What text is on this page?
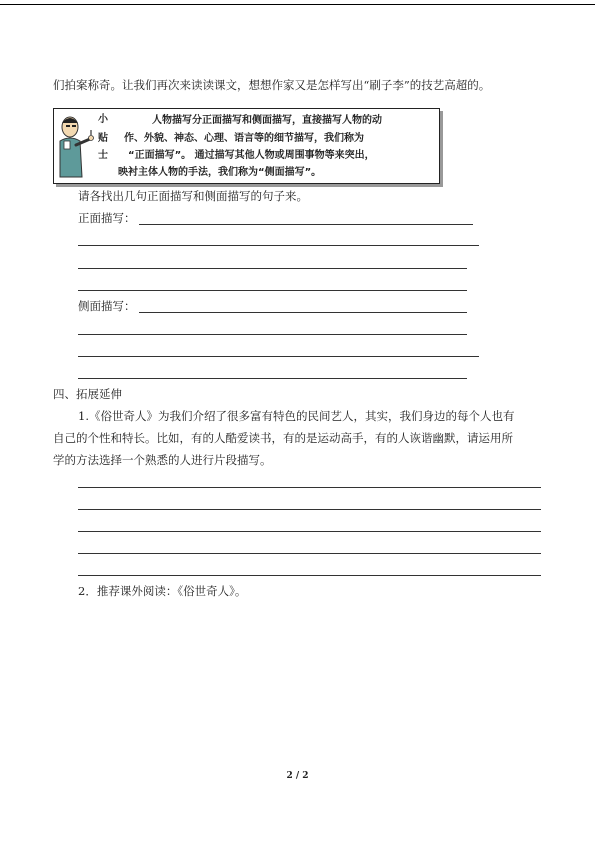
们拍案称奇。让我们再次来读读课文，想想作家又是怎样写出“刷子李”的技艺高超的。
小
贴
士
人物描写分正面描写和侧面描写，直接描写人物的动
作、外貌、神态、心理、语言等的细节描写，我们称为
“正面描写”。 通过描写其他人物或周围事物等来突出，
映衬主体人物的手法，我们称为“侧面描写”。
请各找出几句正面描写和侧面描写的句子来。
正面描写：
侧面描写：
四、拓展延伸
1.《俗世奇人》为我们介绍了很多富有特色的民间艺人，其实，我们身边的每个人也有
自己的个性和特长。比如，有的人酷爱读书，有的是运动高手，有的人诙谐幽默，请运用所
学的方法选择一个熟悉的人进行片段描写。
2．推荐课外阅读：《俗世奇人》。
2 / 2
